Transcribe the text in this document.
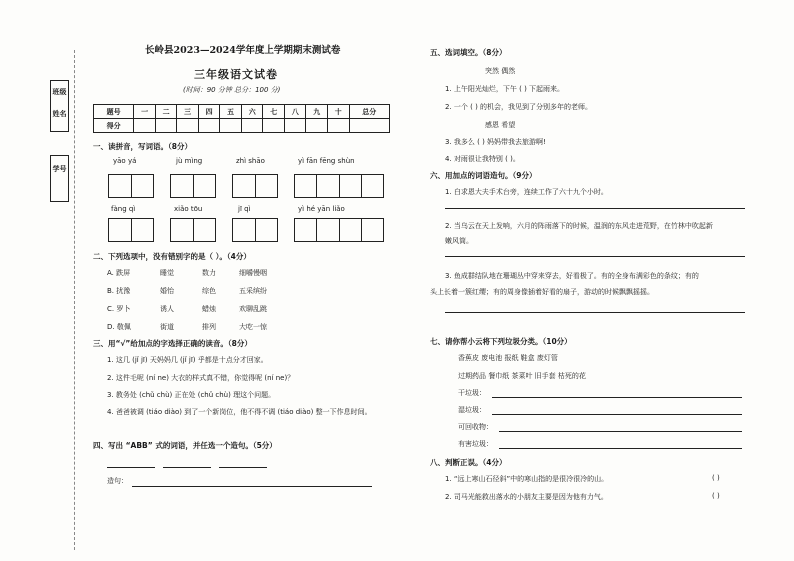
班级
姓名
学号
长岭县2023—2024学年度上学期期末测试卷
三年级语文试卷
(时间：90 分钟 总分：100 分)
题号	一	二	三	四	五	六	七	八	九	十	总分
得分											
一、读拼音，写词语。（8分）
yāo yá	jù mìng	zhì shāo	yì fān fēng shùn
fàng qì	xiǎo tōu	jī qì	yì hé yān liǎo
二、下列选项中，没有错别字的是（ ）。（4分）
A. 跌屏	睡觉	数力	细嚼慢咽
B. 扰豫	婚怡	综色	五采缤纷
C. 罗卜	诱人	蜡烛	欢聊乱跳
D. 敬佩	街道	排列	大吃一惊
三、用“√”给加点的字选择正确的读音。（8分）
1. 这几 (jǐ jī) 天妈妈几 (jǐ jī) 乎都是十点分才回家。
2. 这件毛呢 (ní ne) 大衣的样式真不错，你觉得呢 (ní ne)？
3. 教务处 (chǔ chù) 正在处 (chǔ chù) 理这个问题。
4. 爸爸被调 (tiáo diào) 到了一个新岗位，他不得不调 (tiáo diào) 整一下作息时间。
四、写出 “ABB” 式的词语，并任选一个造句。（5分）
造句：
五、选词填空。（8分）
突然 偶然
1. 上午阳光灿烂，下午 ( ) 下起雨来。
2. 一个 ( ) 的机会，我见到了分别多年的老师。
感恩 希望
3. 我多么 ( ) 妈妈带我去旅游啊!
4. 对雨很让我特别 ( )。
六、用加点的词语造句。（9分）
1. 白求恩大夫手术台旁，连续工作了六十九个小时。
2. 当乌云在天上发响，六月的阵雨落下的时候，温润的东风走进荒野，在竹林中吹起新
嫩风筒。
3. 鱼成群结队地在珊瑚丛中穿来穿去，好看极了。有的全身布满彩色的条纹；有的
头上长着一簇红缨；有的周身像插着好看的扇子，游动的时候飘飘摇摇。
七、请你帮小云将下列垃圾分类。（10分）
香蕉皮 废电池 报纸 鞋盒 废灯管
过期药品 餐巾纸 茶菜叶 旧手套 枯死的花
干垃圾：
湿垃圾：
可回收物：
有害垃圾：
八、判断正误。（4分）
1. “远上寒山石径斜”中的寒山指的是很冷很冷的山。	( )
2. 司马光能救出落水的小朋友主要是因为他有力气。	( )
